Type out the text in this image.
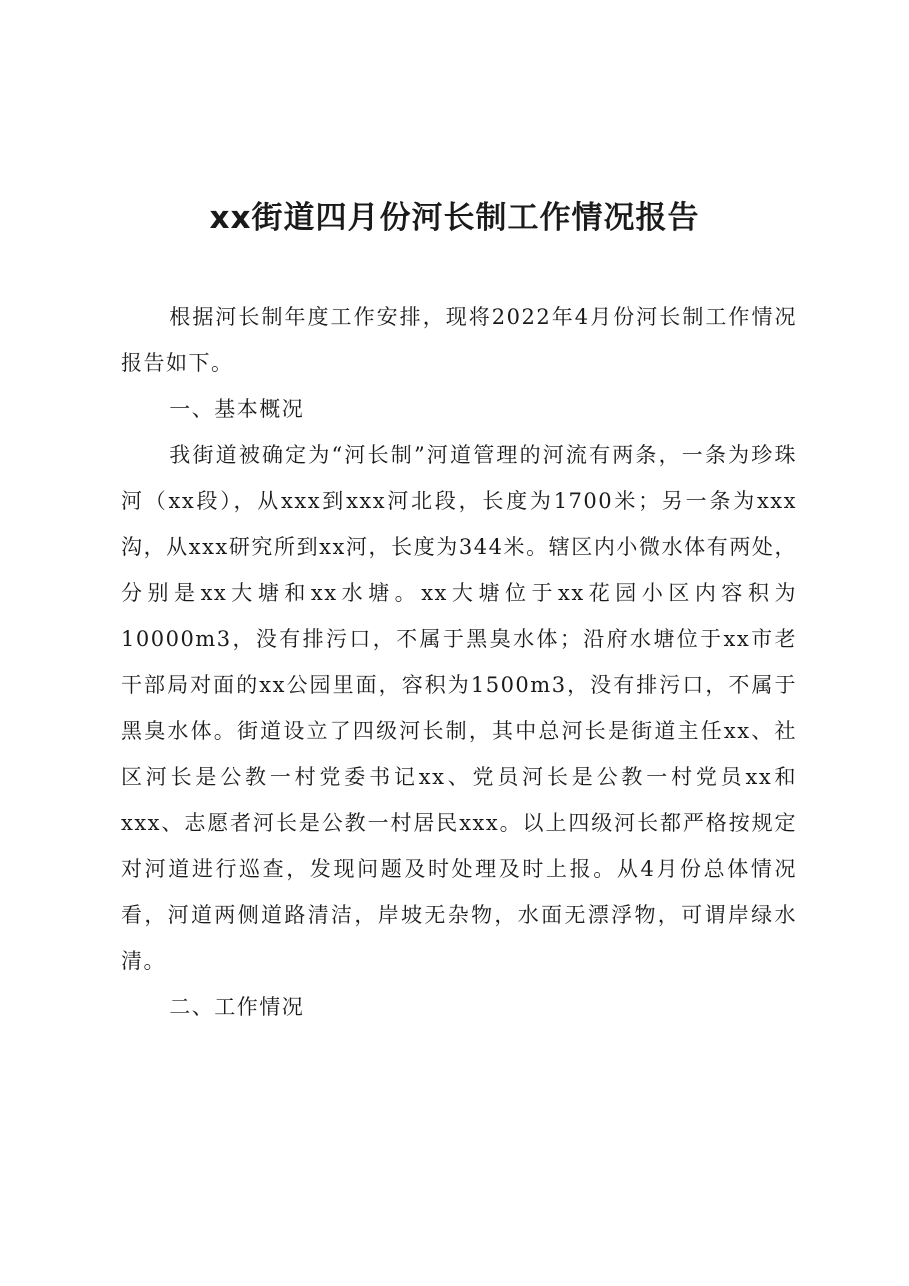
xx街道四月份河长制工作情况报告

根据河长制年度工作安排，现将2022年4月份河长制工作情况报告如下。

一、基本概况

我街道被确定为“河长制”河道管理的河流有两条，一条为珍珠河（xx段），从xxx到xxx河北段，长度为1700米；另一条为xxx沟，从xxx研究所到xx河，长度为344米。辖区内小微水体有两处，分别是xx大塘和xx水塘。xx大塘位于xx花园小区内容积为10000m3，没有排污口，不属于黑臭水体；沿府水塘位于xx市老干部局对面的xx公园里面，容积为1500m3，没有排污口，不属于黑臭水体。街道设立了四级河长制，其中总河长是街道主任xx、社区河长是公教一村党委书记xx、党员河长是公教一村党员xx和xxx、志愿者河长是公教一村居民xxx。以上四级河长都严格按规定对河道进行巡查，发现问题及时处理及时上报。从4月份总体情况看，河道两侧道路清洁，岸坡无杂物，水面无漂浮物，可谓岸绿水清。

二、工作情况
